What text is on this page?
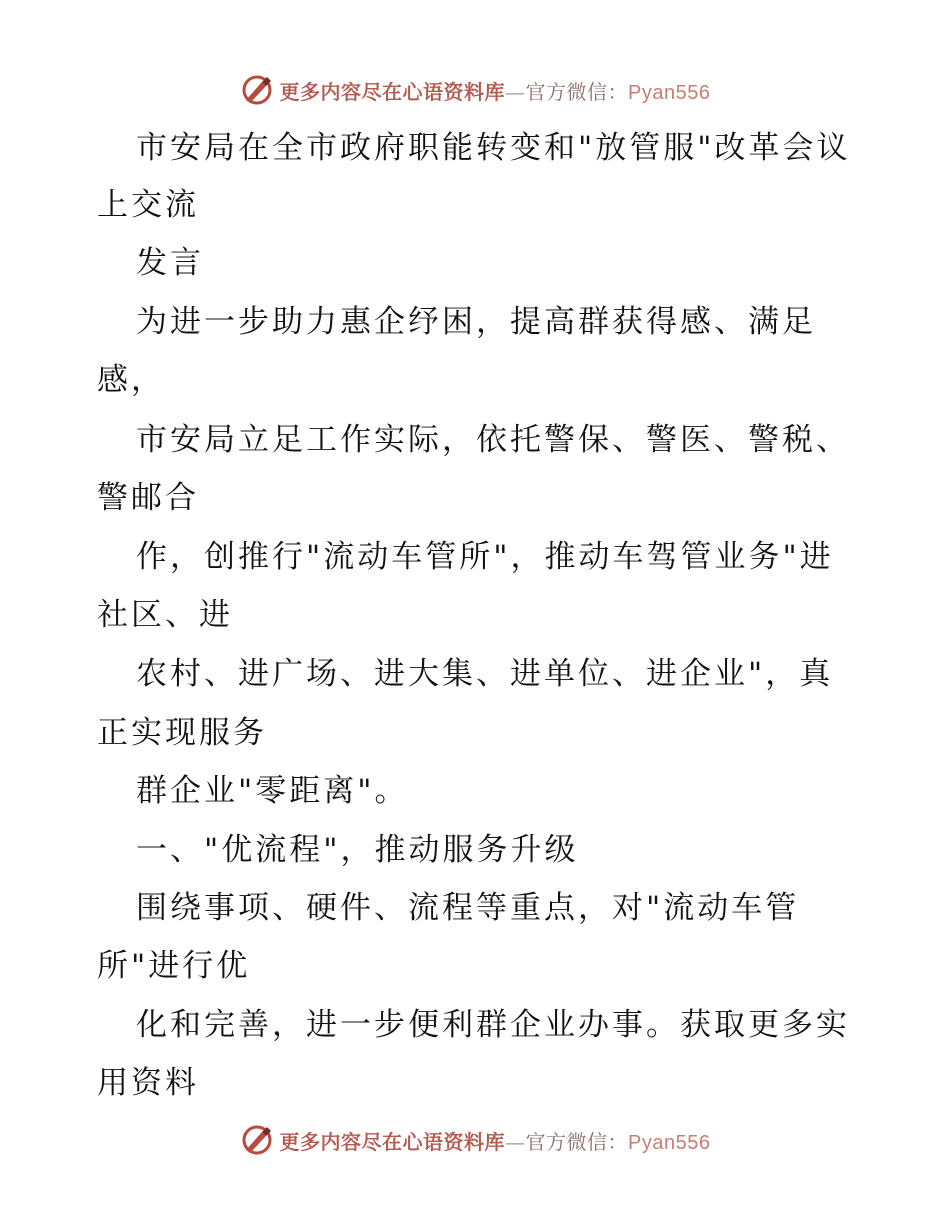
更多内容尽在心语资料库—官方微信：Pyan556
市安局在全市政府职能转变和"放管服"改革会议
上交流
发言
为进一步助力惠企纾困，提高群获得感、满足
感，
市安局立足工作实际，依托警保、警医、警税、
警邮合
作，创推行"流动车管所"，推动车驾管业务"进
社区、进
农村、进广场、进大集、进单位、进企业"，真
正实现服务
群企业"零距离"。
一、"优流程"，推动服务升级
围绕事项、硬件、流程等重点，对"流动车管
所"进行优
化和完善，进一步便利群企业办事。获取更多实
用资料
更多内容尽在心语资料库—官方微信：Pyan556
